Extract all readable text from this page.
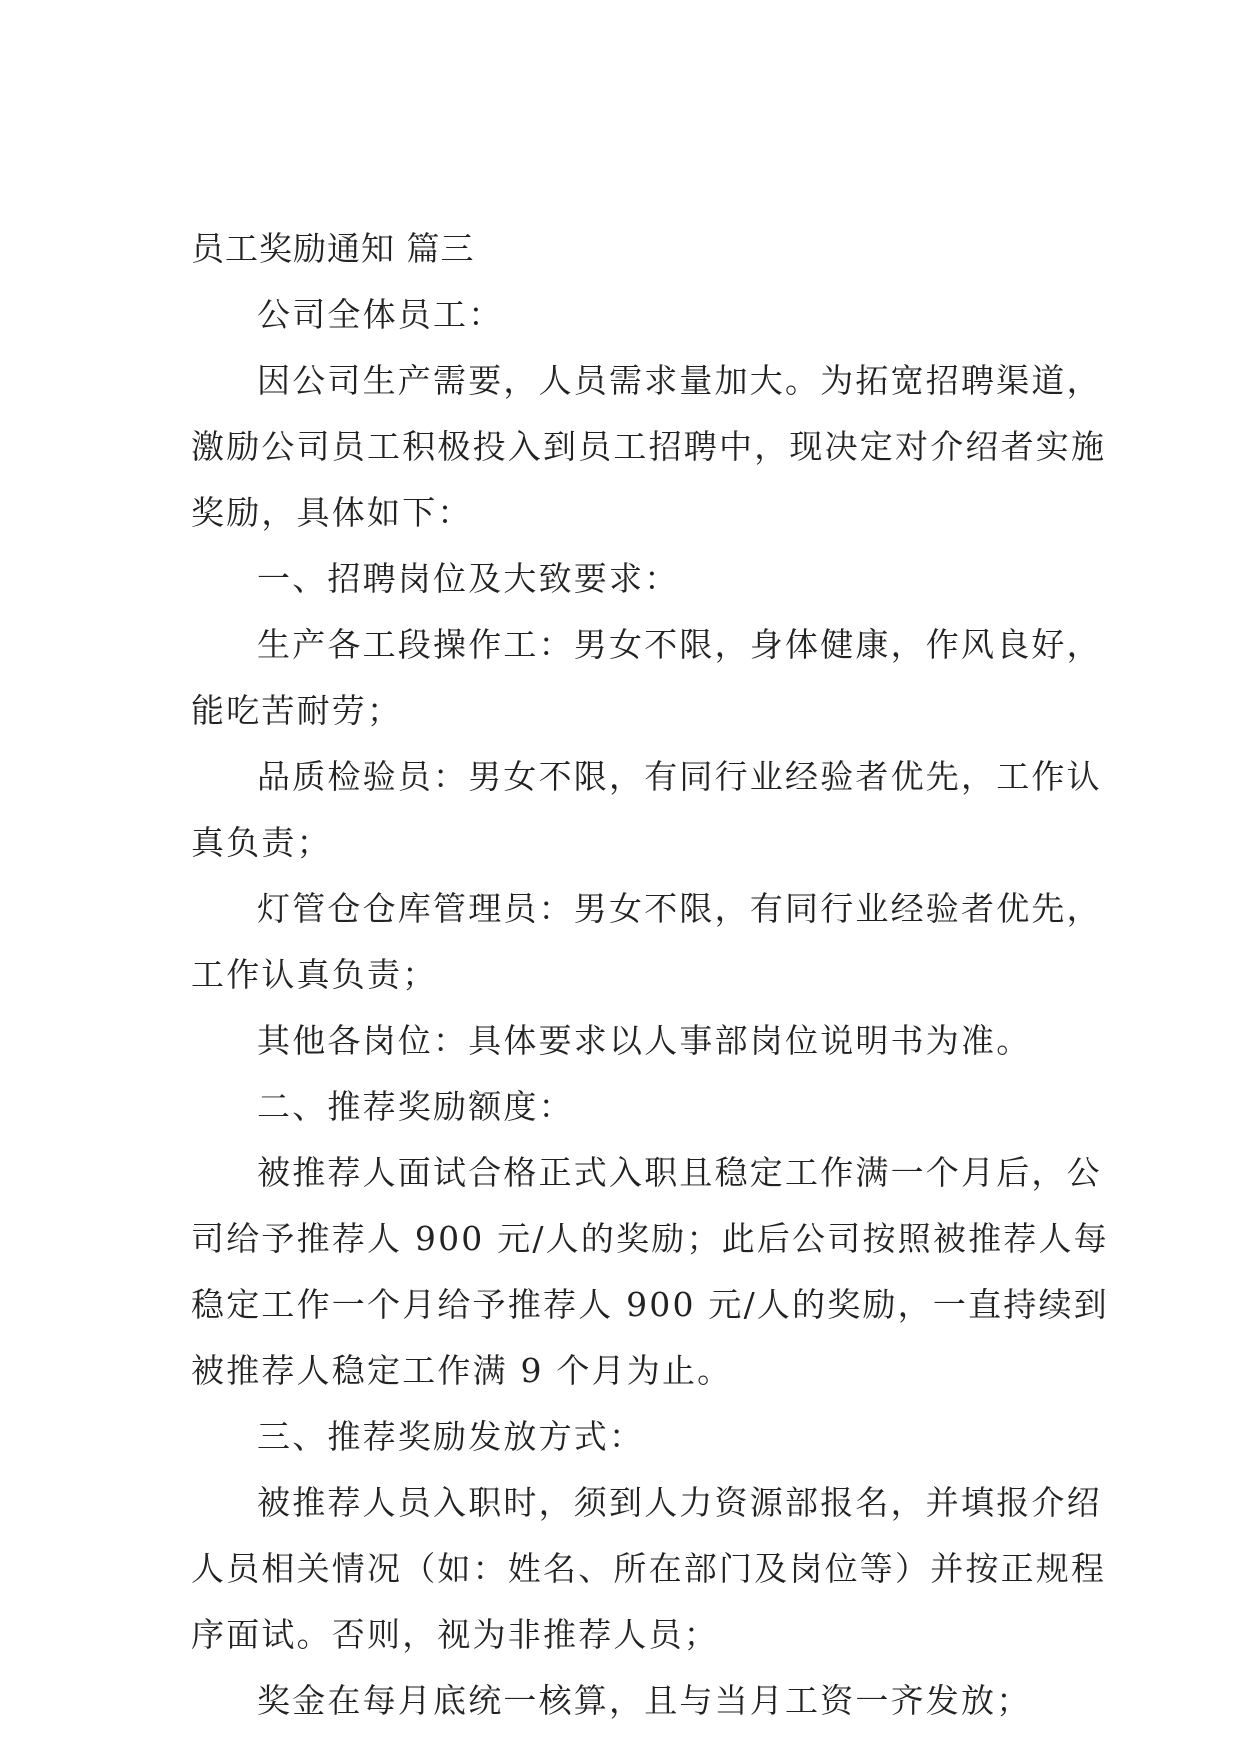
员工奖励通知 篇三
公司全体员工：
因公司生产需要，人员需求量加大。为拓宽招聘渠道，
激励公司员工积极投入到员工招聘中，现决定对介绍者实施
奖励，具体如下：
一、招聘岗位及大致要求：
生产各工段操作工：男女不限，身体健康，作风良好，
能吃苦耐劳；
品质检验员：男女不限，有同行业经验者优先，工作认
真负责；
灯管仓仓库管理员：男女不限，有同行业经验者优先，
工作认真负责；
其他各岗位：具体要求以人事部岗位说明书为准。
二、推荐奖励额度：
被推荐人面试合格正式入职且稳定工作满一个月后，公
司给予推荐人 900 元/人的奖励；此后公司按照被推荐人每
稳定工作一个月给予推荐人 900 元/人的奖励，一直持续到
被推荐人稳定工作满 9 个月为止。
三、推荐奖励发放方式：
被推荐人员入职时，须到人力资源部报名，并填报介绍
人员相关情况（如：姓名、所在部门及岗位等）并按正规程
序面试。否则，视为非推荐人员；
奖金在每月底统一核算，且与当月工资一齐发放；
